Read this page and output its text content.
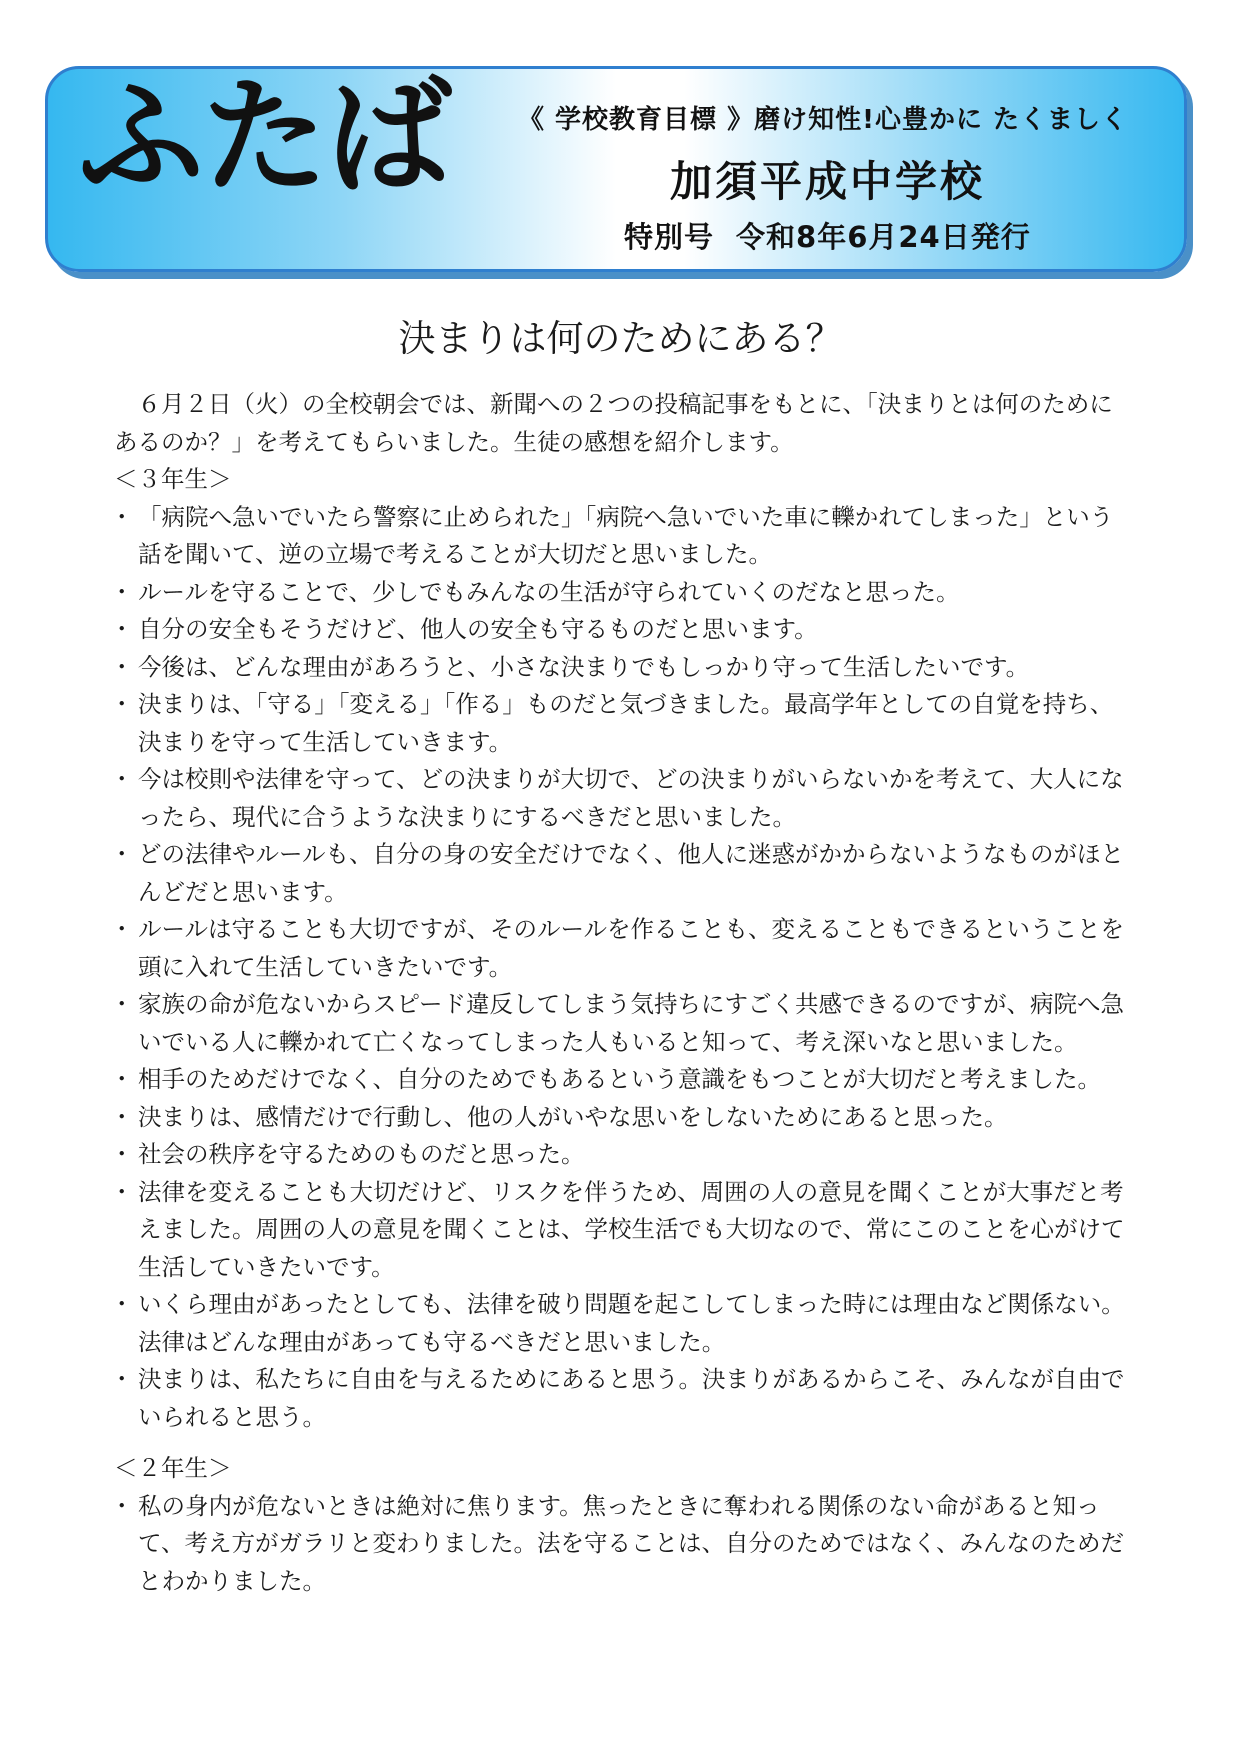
ふたば	《 学校教育目標 》磨け知性!心豊かに たくましく
加須平成中学校
特別号 令和8年6月24日発行
決まりは何のためにある？

６月２日（火）の全校朝会では、新聞への２つの投稿記事をもとに、「決まりとは何のためにあるのか？」を考えてもらいました。生徒の感想を紹介します。

＜３年生＞

・ 「病院へ急いでいたら警察に止められた」「病院へ急いでいた車に轢かれてしまった」という話を聞いて、逆の立場で考えることが大切だと思いました。
・ ルールを守ることで、少しでもみんなの生活が守られていくのだなと思った。
・ 自分の安全もそうだけど、他人の安全も守るものだと思います。
・ 今後は、どんな理由があろうと、小さな決まりでもしっかり守って生活したいです。
・ 決まりは、「守る」「変える」「作る」ものだと気づきました。最高学年としての自覚を持ち、決まりを守って生活していきます。
・ 今は校則や法律を守って、どの決まりが大切で、どの決まりがいらないかを考えて、大人になったら、現代に合うような決まりにするべきだと思いました。
・ どの法律やルールも、自分の身の安全だけでなく、他人に迷惑がかからないようなものがほとんどだと思います。
・ ルールは守ることも大切ですが、そのルールを作ることも、変えることもできるということを頭に入れて生活していきたいです。
・ 家族の命が危ないからスピード違反してしまう気持ちにすごく共感できるのですが、病院へ急いでいる人に轢かれて亡くなってしまった人もいると知って、考え深いなと思いました。
・ 相手のためだけでなく、自分のためでもあるという意識をもつことが大切だと考えました。
・ 決まりは、感情だけで行動し、他の人がいやな思いをしないためにあると思った。
・ 社会の秩序を守るためのものだと思った。
・ 法律を変えることも大切だけど、リスクを伴うため、周囲の人の意見を聞くことが大事だと考えました。周囲の人の意見を聞くことは、学校生活でも大切なので、常にこのことを心がけて生活していきたいです。
・ いくら理由があったとしても、法律を破り問題を起こしてしまった時には理由など関係ない。法律はどんな理由があっても守るべきだと思いました。
・ 決まりは、私たちに自由を与えるためにあると思う。決まりがあるからこそ、みんなが自由でいられると思う。

＜２年生＞

・ 私の身内が危ないときは絶対に焦ります。焦ったときに奪われる関係のない命があると知って、考え方がガラリと変わりました。法を守ることは、自分のためではなく、みんなのためだとわかりました。
